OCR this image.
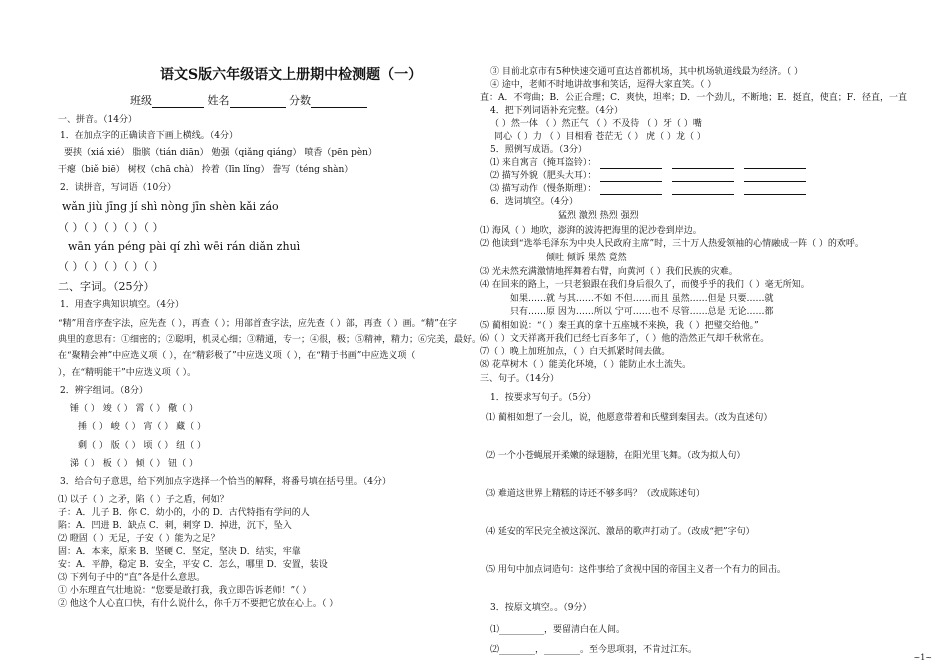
语文S版六年级语文上册期中检测题（一）
班级	姓名	分数
一、拼音。（14分）
1．在加点字的正确读音下画上横线。（4分）
要挟（xiá xié） 脂膑（tián diān） 勉强（qiǎng qiáng） 喷香（pēn pèn）
干瘪（biě biē） 树杈（chā chà） 拎着（līn lǐng） 誊写（téng shàn）
2．读拼音，写词语（10分）
wǎn jiù jīng jí shì nòng jīn shèn kǎi záo
（ ）（ ）（ ）（ ）（ ）
wān yán péng pài qí zhì wēi rán diǎn zhuì
（ ）（ ）（ ）（ ）（ ）
二、字词。（25分）
1．用查字典知识填空。（4分）
“精”用音序查字法，应先查（ ），再查（ ）；用部首查字法，应先查（ ）部，再查（ ）画。“精”在字
典里的意思有：①细密的；②聪明，机灵心细；③精通，专一；④很，极；⑤精神，精力；⑥完美，最好。
在“聚精会神”中应选义项（ ），在“精彩极了”中应选义项（ ），在“精于书画”中应选义项（
），在“精明能干”中应选义项（ ）。
2．辨字组词。（8分）
锤（ ） 竣（ ） 霄（ ） 儆（ ）
捶（ ） 峻（ ） 宵（ ） 藏（ ）
剩（ ） 版（ ） 顷（ ） 纽（ ）
涕（ ） 板（ ） 倾（ ） 钮（ ）
3．给合句子意思，给下列加点字选择一个恰当的解释，将番号填在括号里。（4分）
⑴ 以子（ ）之矛，陷（ ）子之盾，何如？
子：A．儿子 B．你 C．幼小的，小的 D．古代特指有学问的人
陷：A．凹进 B．缺点 C．刺，刺穿 D．掉进，沉下，坠入
⑵ 瞪固（ ）无足，子安（ ）能为之足？
固：A．本来，原来 B．坚硬 C．坚定，坚决 D．结实，牢靠
安：A．平静，稳定 B．安全，平安 C．怎么，哪里 D．安置，装设
⑶ 下列句子中的“直”各是什么意思。
① 小东理直气壮地说：“您要是敢打我，我立即告诉老师！”（ ）
② 他这个人心直口快，有什么说什么，你千万不要把它放在心上。（ ）
③ 目前北京市有5种快速交通可直达首都机场，其中机场轨道线最为经济。（ ）
④ 途中，老师不时地讲故事和笑话，逗得大家直笑。（ ）
直：A．不弯曲；B．公正合理；C．爽快，坦率；D．一个劲儿，不断地；E．挺直，使直；F．径直，一直
4．把下列词语补充完整。（4分）
（ ）然一体 （ ）然正气 （ ）不及待 （ ）牙（ ）嘴
同心（ ）力 （ ）目相看 苍茫无（ ） 虎（ ）龙（ ）
5．照例写成语。（3分）
⑴ 来自寓言（掩耳盗铃）：
⑵ 描写外貌（肥头大耳）：
⑶ 描写动作（慢条斯理）：
6．选词填空。（4分）
猛烈 激烈 热烈 强烈
⑴ 海风（ ）地吹，澎湃的波涛把海里的泥沙卷到岸边。
⑵ 他读到“选举毛泽东为中央人民政府主席”时，三十万人热爱领袖的心情融成一阵（ ）的欢呼。
倾吐 倾诉 果然 竟然
⑶ 光未然充满激情地挥舞着右臂，向黄河（ ）我们民族的灾难。
⑷ 在回来的路上，一只老狼跟在我们身后很久了，而傻乎乎的我们（ ）毫无所知。
如果……就 与其……不如 不但……而且 虽然……但是 只要……就
只有……原 因为……所以 宁可……也不 尽管……总是 无论……都
⑸ 蔺相如说：“（ ）秦王真的拿十五座城不来换，我（ ）把璧交给他。”
⑹（ ）文天祥离开我们已经七百多年了，（ ）他的浩然正气却千秋常在。
⑺（ ）晚上加班加点，（ ）白天抓紧时间去做。
⑻ 花草树木（ ）能美化环境，（ ）能防止水土流失。
三、句子。（14分）
1．按要求写句子。（5分）
⑴ 蔺相如想了一会儿，说，他愿意带着和氏璧到秦国去。（改为直述句）
⑵ 一个小苍蝇展开柔嫩的绿翅膀，在阳光里飞舞。（改为拟人句）
⑶ 难道这世界上精糕的诗还不够多吗？（改成陈述句）
⑷ 延安的军民完全被这深沉、激昂的歌声打动了。（改成“把”字句）
⑸ 用句中加点词造句：这件事给了贪视中国的帝国主义者一个有力的回击。
3．按原文填空。。（9分）
⑴__________，要留清白在人间。
⑵________，________。至今思项羽，不肯过江东。
~1~
